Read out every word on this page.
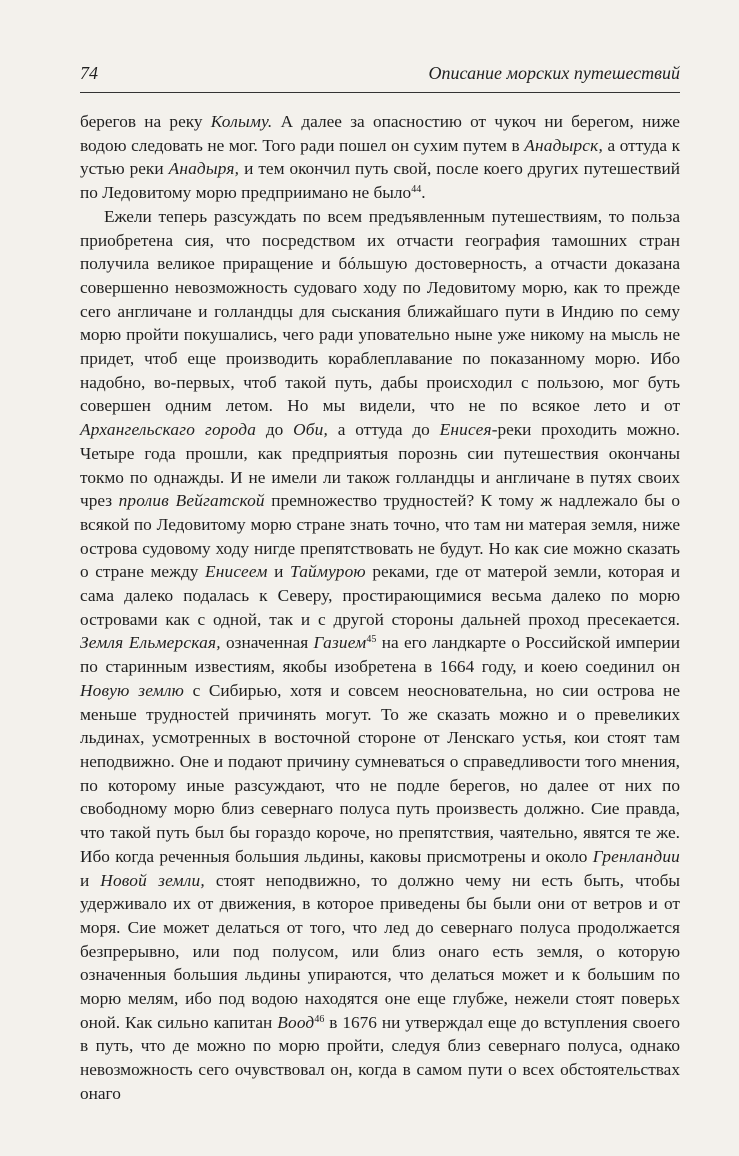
74	Описание морских путешествий

берегов на реку Колыму. А далее за опасностию от чукоч ни берегом, ниже водою следовать не мог. Того ради пошел он сухим путем в Анадырск, а оттуда к устью реки Анадыря, и тем окончил путь свой, после коего других путешествий по Ледовитому морю предприимано не было$^{44}$.

Ежели теперь разсуждать по всем предъявленным путешествиям, то польза приобретена сия, что посредством их отчасти география тамошних стран получила великое приращение и бóльшую достоверность, а отчасти доказана совершенно невозможность судоваго ходу по Ледовитому морю, как то прежде сего англичане и голландцы для сыскания ближайшаго пути в Индию по сему морю пройти покушались, чего ради уповательно ныне уже никому на мысль не придет, чтоб еще производить кораблеплавание по показанному морю. Ибо надобно, во-первых, чтоб такой путь, дабы происходил с пользою, мог буть совершен одним летом. Но мы видели, что не по всякое лето и от Архангельскаго города до Оби, а оттуда до Енисея-реки проходить можно. Четыре года прошли, как предприятыя порознь сии путешествия окончаны токмо по однажды. И не имели ли також голландцы и англичане в путях своих чрез пролив Вейгатской премножество трудностей? К тому ж надлежало бы о всякой по Ледовитому морю стране знать точно, что там ни матерая земля, ниже острова судовому ходу нигде препятствовать не будут. Но как сие можно сказать о стране между Енисеем и Таймурою реками, где от матерой земли, которая и сама далеко подалась к Северу, простирающимися весьма далеко по морю островами как с одной, так и с другой стороны дальней проход пресекается. Земля Ельмерская, означенная Газием$^{45}$ на его ландкарте о Российской империи по старинным известиям, якобы изобретена в 1664 году, и коею соединил он Новую землю с Сибирью, хотя и совсем неосновательна, но сии острова не меньше трудностей причинять могут. То же сказать можно и о превеликих льдинах, усмотренных в восточной стороне от Ленскаго устья, кои стоят там неподвижно. Оне и подают причину сумневаться о справедливости того мнения, по которому иные разсуждают, что не подле берегов, но далее от них по свободному морю близ севернаго полуса путь произвесть должно. Сие правда, что такой путь был бы гораздо короче, но препятствия, чаятельно, явятся те же. Ибо когда реченныя большия льдины, каковы присмотрены и около Гренландии и Новой земли, стоят неподвижно, то должно чему ни есть быть, чтобы удерживало их от движения, в которое приведены бы были они от ветров и от моря. Сие может делаться от того, что лед до севернаго полуса продолжается безпрерывно, или под полусом, или близ онаго есть земля, о которую означенныя большия льдины упираются, что делаться может и к большим по морю мелям, ибо под водою находятся оне еще глубже, нежели стоят поверьх оной. Как сильно капитан Воод$^{46}$ в 1676 ни утверждал еще до вступления своего в путь, что де можно по морю пройти, следуя близ севернаго полуса, однако невозможность сего очувствовал он, когда в самом пути о всех обстоятельствах онаго
